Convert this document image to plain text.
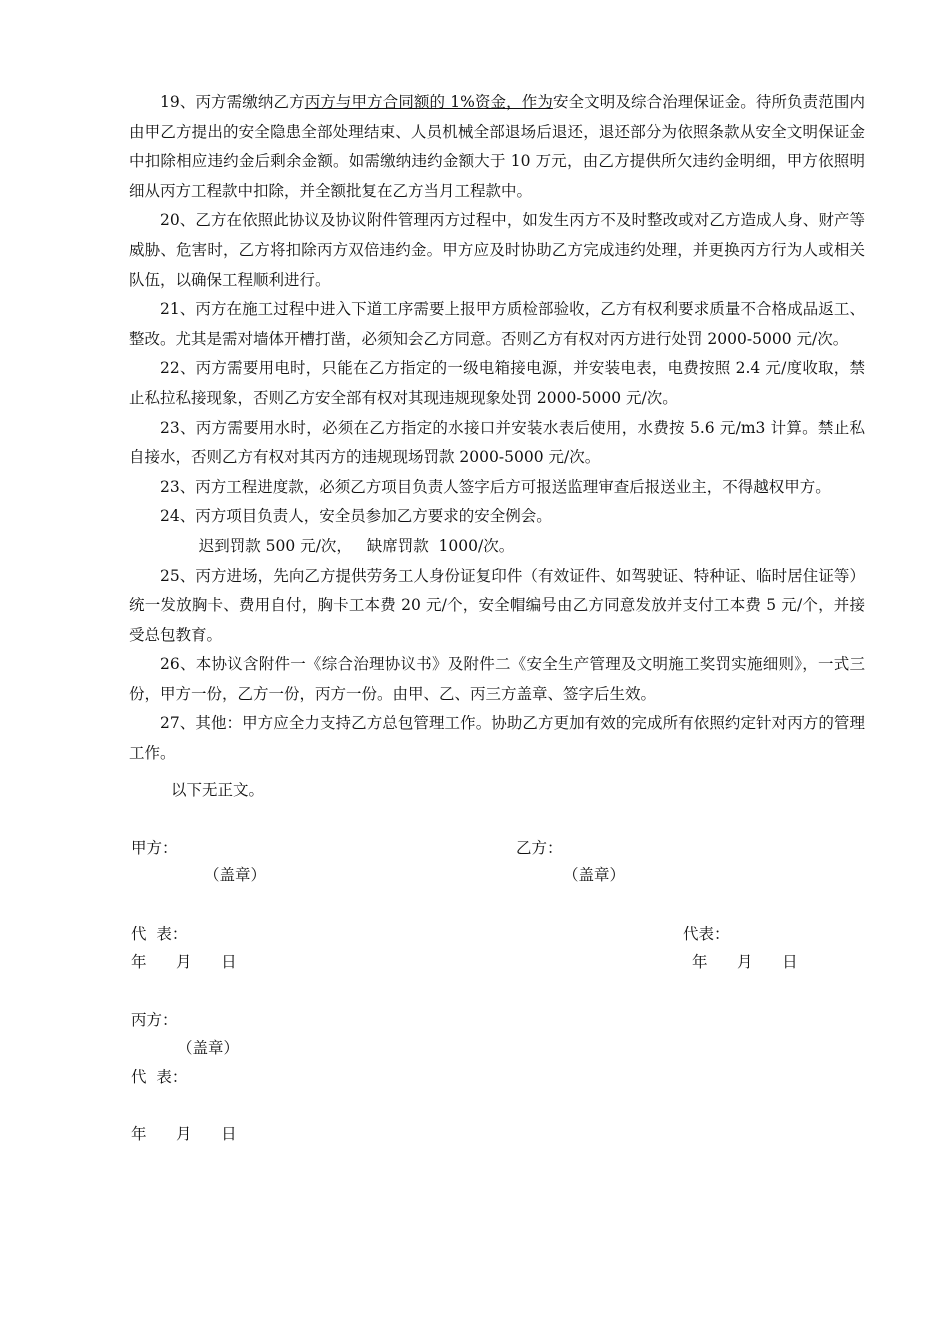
19、丙方需缴纳乙方丙方与甲方合同额的 1%资金，作为安全文明及综合治理保证金。待所负责范围内由甲乙方提出的安全隐患全部处理结束、人员机械全部退场后退还，退还部分为依照条款从安全文明保证金中扣除相应违约金后剩余金额。如需缴纳违约金额大于 10 万元，由乙方提供所欠违约金明细，甲方依照明细从丙方工程款中扣除，并全额批复在乙方当月工程款中。

20、乙方在依照此协议及协议附件管理丙方过程中，如发生丙方不及时整改或对乙方造成人身、财产等威胁、危害时，乙方将扣除丙方双倍违约金。甲方应及时协助乙方完成违约处理，并更换丙方行为人或相关队伍，以确保工程顺利进行。

21、丙方在施工过程中进入下道工序需要上报甲方质检部验收，乙方有权利要求质量不合格成品返工、整改。尤其是需对墙体开槽打凿，必须知会乙方同意。否则乙方有权对丙方进行处罚 2000-5000 元/次。

22、丙方需要用电时，只能在乙方指定的一级电箱接电源，并安装电表，电费按照 2.4 元/度收取，禁止私拉私接现象，否则乙方安全部有权对其现违规现象处罚 2000-5000 元/次。

23、丙方需要用水时，必须在乙方指定的水接口并安装水表后使用，水费按 5.6 元/m3 计算。禁止私自接水，否则乙方有权对其丙方的违规现场罚款 2000-5000 元/次。

23、丙方工程进度款，必须乙方项目负责人签字后方可报送监理审查后报送业主，不得越权甲方。

24、丙方项目负责人，安全员参加乙方要求的安全例会。

迟到罚款 500 元/次，   缺席罚款  1000/次。

25、丙方进场，先向乙方提供劳务工人身份证复印件（有效证件、如驾驶证、特种证、临时居住证等）统一发放胸卡、费用自付，胸卡工本费 20 元/个，安全帽编号由乙方同意发放并支付工本费 5 元/个，并接受总包教育。

26、本协议含附件一《综合治理协议书》及附件二《安全生产管理及文明施工奖罚实施细则》，一式三份，甲方一份，乙方一份，丙方一份。由甲、乙、丙三方盖章、签字后生效。

27、其他：甲方应全力支持乙方总包管理工作。协助乙方更加有效的完成所有依照约定针对丙方的管理工作。

以下无正文。
甲方：
（盖章）
代  表：
年      月      日
乙方：
（盖章）
代表：
年      月      日
丙方：
（盖章）
代  表：
年      月      日
